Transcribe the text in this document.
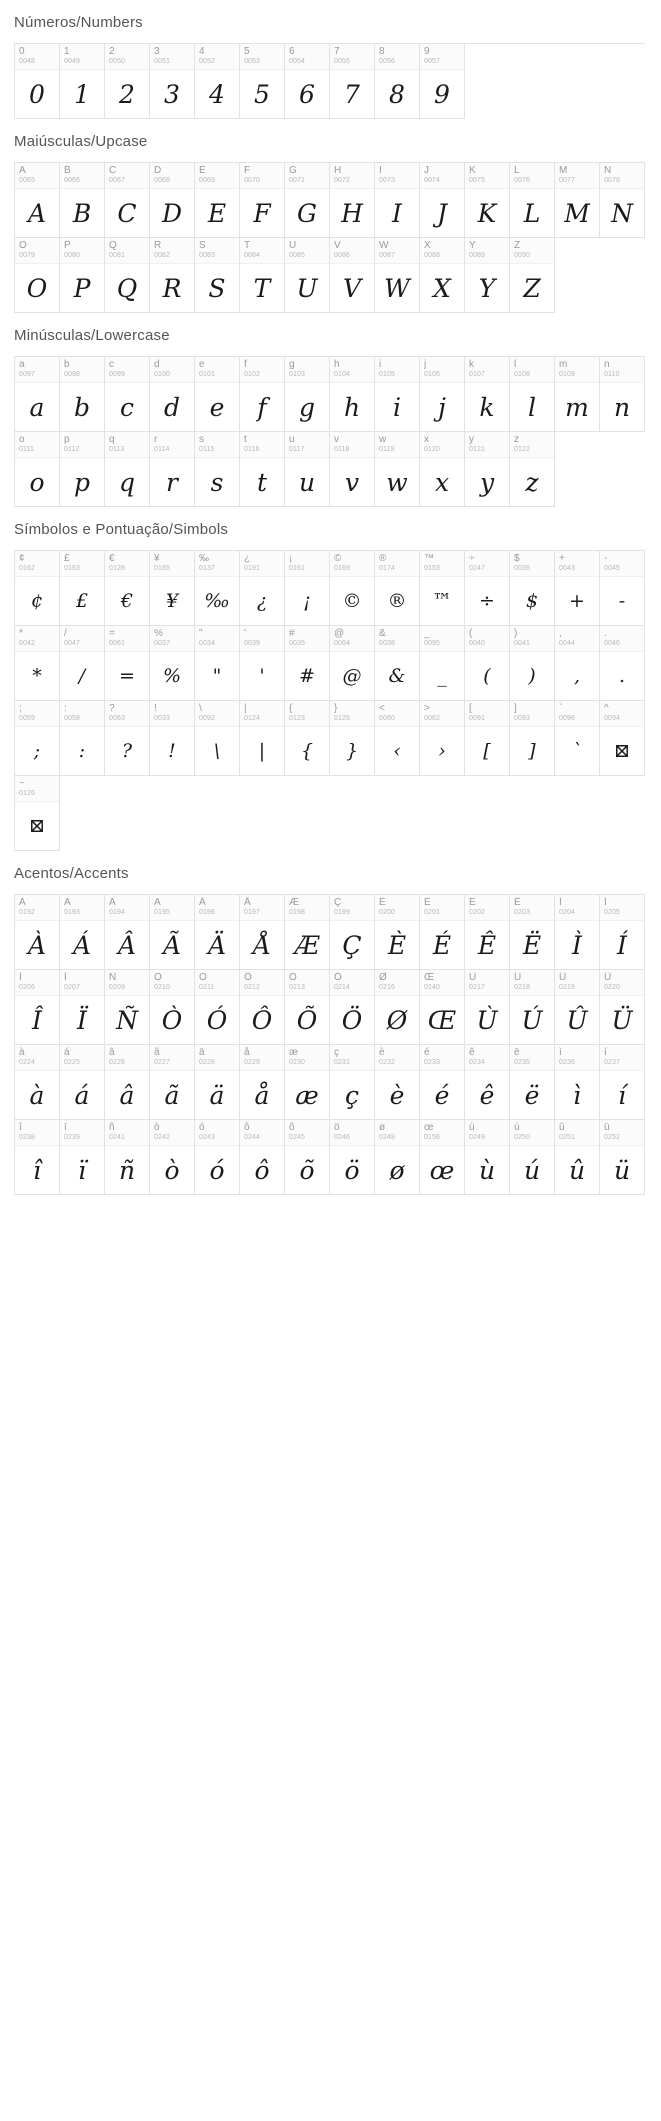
Números/Numbers
0
0048
0
1
0049
1
2
0050
2
3
0051
3
4
0052
4
5
0053
5
6
0054
6
7
0055
7
8
0056
8
9
0057
9
Maiúsculas/Upcase
A
0065
A
B
0066
B
C
0067
C
D
0068
D
E
0069
E
F
0070
F
G
0071
G
H
0072
H
I
0073
I
J
0074
J
K
0075
K
L
0076
L
M
0077
M
N
0078
N
O
0079
O
P
0080
P
Q
0081
Q
R
0082
R
S
0083
S
T
0084
T
U
0085
U
V
0086
V
W
0087
W
X
0088
X
Y
0089
Y
Z
0090
Z
Minúsculas/Lowercase
a
0097
a
b
0098
b
c
0099
c
d
0100
d
e
0101
e
f
0102
f
g
0103
g
h
0104
h
i
0105
i
j
0106
j
k
0107
k
l
0108
l
m
0109
m
n
0110
n
o
0111
o
p
0112
p
q
0113
q
r
0114
r
s
0115
s
t
0116
t
u
0117
u
v
0118
v
w
0119
w
x
0120
x
y
0121
y
z
0122
z
Símbolos e Pontuação/Simbols
¢
0162
¢
£
0163
£
€
0128
€
¥
0165
¥
‰
0137
‰
¿
0191
¿
¡
0161
¡
©
0169
©
®
0174
®
™
0153
™
÷
0247
÷
$
0036
$
+
0043
+
-
0045
-
*
0042
*
/
0047
/
=
0061
=
%
0037
%
"
0034
"
'
0039
'
#
0035
#
@
0064
@
&
0038
&
_
0095
_
(
0040
(
)
0041
)
,
0044
,
.
0046
.
;
0059
;
:
0058
:
?
0063
?
!
0033
!
\
0092
\
|
0124
|
{
0123
{
}
0125
}
<
0060
‹
>
0062
›
[
0091
[
]
0093
]
`
0096
`
^
0094
⊠
~
0126
⊠
Acentos/Accents
À
0192
À
Á
0193
Á
Â
0194
Â
Ã
0195
Ã
Ä
0196
Ä
Å
0197
Å
Æ
0198
Æ
Ç
0199
Ç
È
0200
È
É
0201
É
Ê
0202
Ê
Ë
0203
Ë
Ì
0204
Ì
Í
0205
Í
Î
0206
Î
Ï
0207
Ï
Ñ
0209
Ñ
Ò
0210
Ò
Ó
0211
Ó
Ô
0212
Ô
Õ
0213
Õ
Ö
0214
Ö
Ø
0216
Ø
Œ
0140
Œ
Ù
0217
Ù
Ú
0218
Ú
Û
0219
Û
Ü
0220
Ü
à
0224
à
á
0225
á
â
0226
â
ã
0227
ã
ä
0228
ä
å
0229
å
æ
0230
æ
ç
0231
ç
è
0232
è
é
0233
é
ê
0234
ê
ë
0235
ë
ì
0236
ì
í
0237
í
î
0238
î
ï
0239
ï
ñ
0241
ñ
ò
0242
ò
ó
0243
ó
ô
0244
ô
õ
0245
õ
ö
0246
ö
ø
0248
ø
œ
0156
œ
ù
0249
ù
ú
0250
ú
û
0251
û
ü
0252
ü
